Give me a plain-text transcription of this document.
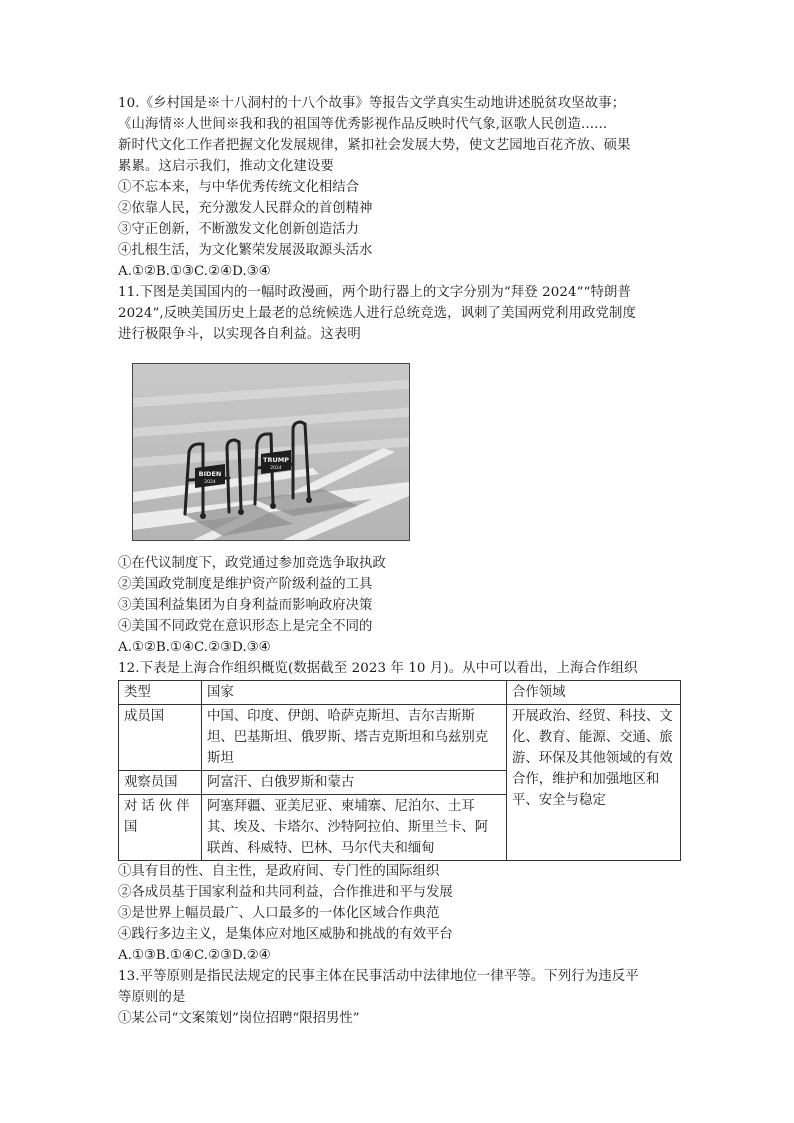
10.《乡村国是※十八洞村的十八个故事》等报告文学真实生动地讲述脱贫攻坚故事；
《山海情※人世间※我和我的祖国等优秀影视作品反映时代气象,讴歌人民创造......
新时代文化工作者把握文化发展规律，紧扣社会发展大势，使文艺园地百花齐放、硕果
累累。这启示我们，推动文化建设要
①不忘本来，与中华优秀传统文化相结合
②依靠人民，充分激发人民群众的首创精神
③守正创新，不断激发文化创新创造活力
④扎根生活，为文化繁荣发展汲取源头活水
A.①②B.①③C.②④D.③④
11.下图是美国国内的一幅时政漫画，两个助行器上的文字分别为“拜登 2024”“特朗普
2024”,反映美国历史上最老的总统候选人进行总统竞选，讽刺了美国两党利用政党制度
进行极限争斗，以实现各自利益。这表明
BIDEN
2024
TRUMP
2024
①在代议制度下，政党通过参加竞选争取执政
②美国政党制度是维护资产阶级利益的工具
③美国利益集团为自身利益而影响政府决策
④美国不同政党在意识形态上是完全不同的
A.①②B.①④C.②③D.③④
12.下表是上海合作组织概览(数据截至 2023 年 10 月)。从中可以看出，上海合作组织
类型	国家	合作领域
成员国	中国、印度、伊朗、哈萨克斯坦、吉尔吉斯斯坦、巴基斯坦、俄罗斯、塔吉克斯坦和乌兹别克斯坦	开展政治、经贸、科技、文化、教育、能源、交通、旅游、环保及其他领域的有效合作，维护和加强地区和平、安全与稳定
观察员国	阿富汗、白俄罗斯和蒙古	
对话伙伴国	阿塞拜疆、亚美尼亚、柬埔寨、尼泊尔、土耳其、埃及、卡塔尔、沙特阿拉伯、斯里兰卡、阿联酋、科威特、巴林、马尔代夫和缅甸	
①具有目的性、自主性，是政府间、专门性的国际组织
②各成员基于国家利益和共同利益，合作推进和平与发展
③是世界上幅员最广、人口最多的一体化区域合作典范
④践行多边主义，是集体应对地区威胁和挑战的有效平台
A.①③B.①④C.②③D.②④
13.平等原则是指民法规定的民事主体在民事活动中法律地位一律平等。下列行为违反平
等原则的是
①某公司“文案策划”岗位招聘“限招男性”
